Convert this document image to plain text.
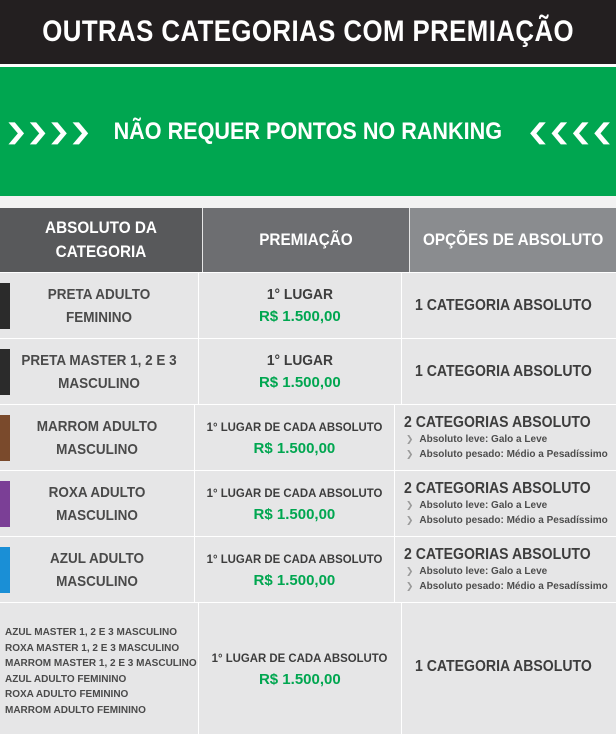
OUTRAS CATEGORIAS COM PREMIAÇÃO
❯❯❯❯ NÃO REQUER PONTOS NO RANKING ❮❮❮❮
ABSOLUTO DA CATEGORIA
PREMIAÇÃO	OPÇÕES DE ABSOLUTO
PRETA ADULTO FEMININO
1° LUGAR
R$ 1.500,00
1 CATEGORIA ABSOLUTO
PRETA MASTER 1, 2 E 3 MASCULINO
1° LUGAR
R$ 1.500,00
1 CATEGORIA ABSOLUTO
MARROM ADULTO MASCULINO
1° LUGAR DE CADA ABSOLUTO
R$ 1.500,00
2 CATEGORIAS ABSOLUTO
❯ Absoluto leve: Galo a Leve
❯ Absoluto pesado: Médio a Pesadíssimo
ROXA ADULTO MASCULINO
1° LUGAR DE CADA ABSOLUTO
R$ 1.500,00
2 CATEGORIAS ABSOLUTO
❯ Absoluto leve: Galo a Leve
❯ Absoluto pesado: Médio a Pesadíssimo
AZUL ADULTO MASCULINO
1° LUGAR DE CADA ABSOLUTO
R$ 1.500,00
2 CATEGORIAS ABSOLUTO
❯ Absoluto leve: Galo a Leve
❯ Absoluto pesado: Médio a Pesadíssimo
AZUL MASTER 1, 2 E 3 MASCULINO
ROXA MASTER 1, 2 E 3 MASCULINO
MARROM MASTER 1, 2 E 3 MASCULINO
AZUL ADULTO FEMININO
ROXA ADULTO FEMININO
MARROM ADULTO FEMININO
1° LUGAR DE CADA ABSOLUTO
R$ 1.500,00
1 CATEGORIA ABSOLUTO
